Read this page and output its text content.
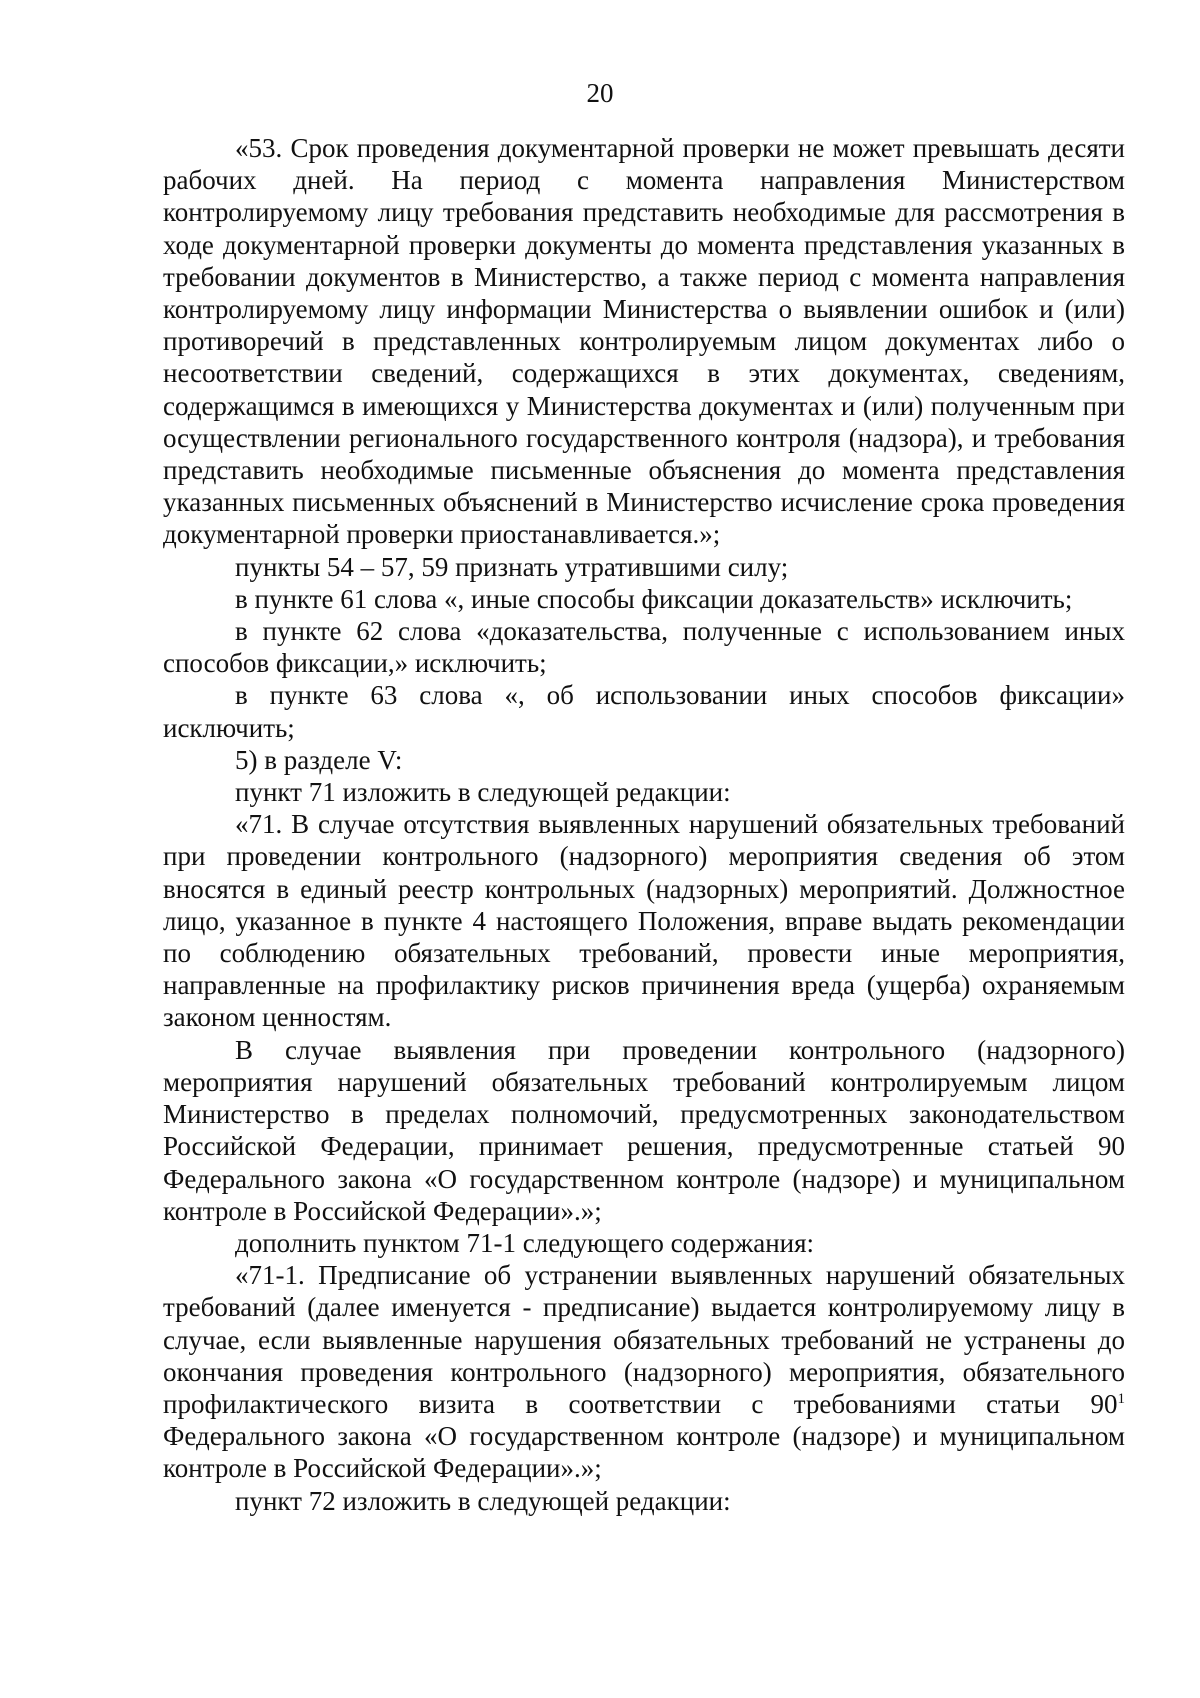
20

«53. Срок проведения документарной проверки не может превышать десяти рабочих дней. На период с момента направления Министерством контролируемому лицу требования представить необходимые для рассмотрения в ходе документарной проверки документы до момента представления указанных в требовании документов в Министерство, а также период с момента направления контролируемому лицу информации Министерства о выявлении ошибок и (или) противоречий в представленных контролируемым лицом документах либо о несоответствии сведений, содержащихся в этих документах, сведениям, содержащимся в имеющихся у Министерства документах и (или) полученным при осуществлении регионального государственного контроля (надзора), и требования представить необходимые письменные объяснения до момента представления указанных письменных объяснений в Министерство исчисление срока проведения документарной проверки приостанавливается.»;

пункты 54 – 57, 59 признать утратившими силу;

в пункте 61 слова «, иные способы фиксации доказательств» исключить;

в пункте 62 слова «доказательства, полученные с использованием иных способов фиксации,» исключить;

в пункте 63 слова «, об использовании иных способов фиксации» исключить;

5) в разделе V:

пункт 71 изложить в следующей редакции:

«71. В случае отсутствия выявленных нарушений обязательных требований при проведении контрольного (надзорного) мероприятия сведения об этом вносятся в единый реестр контрольных (надзорных) мероприятий. Должностное лицо, указанное в пункте 4 настоящего Положения, вправе выдать рекомендации по соблюдению обязательных требований, провести иные мероприятия, направленные на профилактику рисков причинения вреда (ущерба) охраняемым законом ценностям.

В случае выявления при проведении контрольного (надзорного) мероприятия нарушений обязательных требований контролируемым лицом Министерство в пределах полномочий, предусмотренных законодательством Российской Федерации, принимает решения, предусмотренные статьей 90 Федерального закона «О государственном контроле (надзоре) и муниципальном контроле в Российской Федерации».»;

дополнить пунктом 71-1 следующего содержания:

«71-1. Предписание об устранении выявленных нарушений обязательных требований (далее именуется - предписание) выдается контролируемому лицу в случае, если выявленные нарушения обязательных требований не устранены до окончания проведения контрольного (надзорного) мероприятия, обязательного профилактического визита в соответствии с требованиями статьи $90^1$ Федерального закона «О государственном контроле (надзоре) и муниципальном контроле в Российской Федерации».»;

пункт 72 изложить в следующей редакции:
